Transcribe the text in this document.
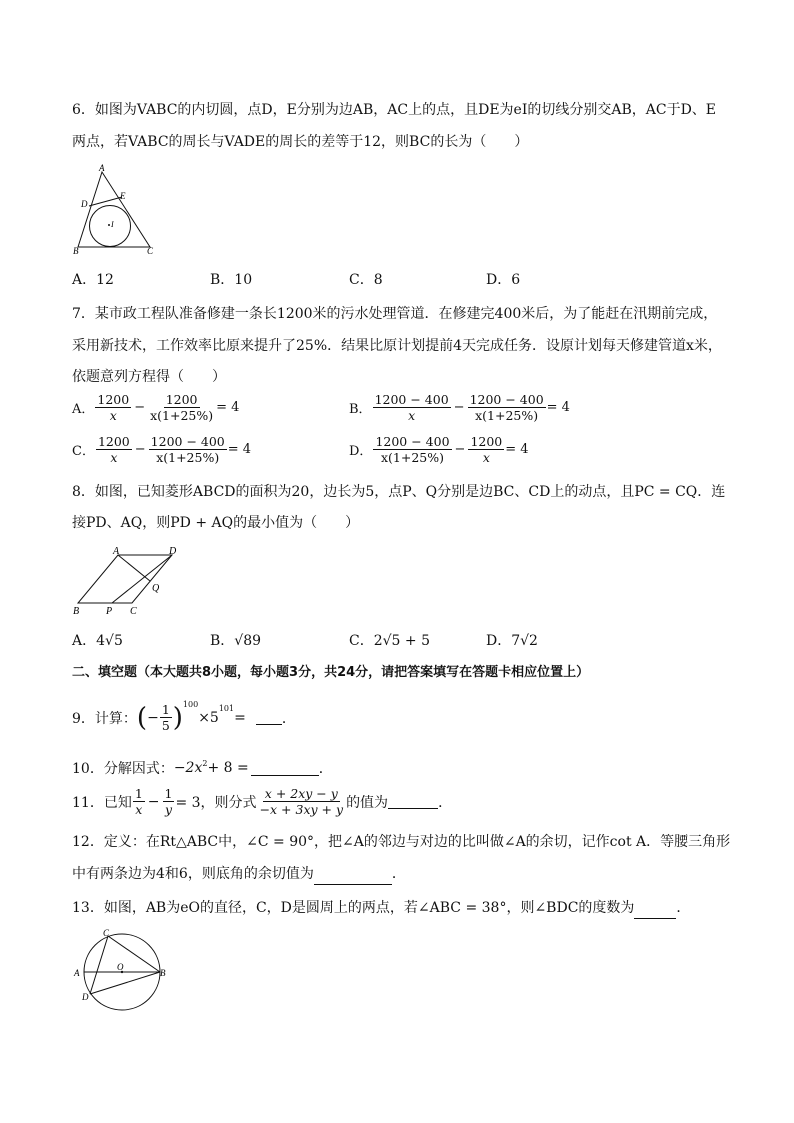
6．如图为VABC的内切圆，点D，E分别为边AB，AC上的点，且DE为eI的切线分别交AB，AC于D、E
两点，若VABC的周长与VADE的周长的差等于12，则BC的长为（　　）
A
B	C
D
E
I
A．12	B．10	C．8	D．6
7．某市政工程队准备修建一条长1200米的污水处理管道．在修建完400米后，为了能赶在汛期前完成，
采用新技术，工作效率比原来提升了25%．结果比原计划提前4天完成任务．设原计划每天修建管道x米，
依题意列方程得（　　）
A． $\frac{1200}{x} - \frac{1200}{x(1+25\%)} = 4$	B． $\frac{1200 - 400}{x} - \frac{1200 - 400}{x(1+25\%)} = 4$
C． $\frac{1200}{x} - \frac{1200 - 400}{x(1+25\%)} = 4$	D． $\frac{1200 - 400}{x(1+25\%)} - \frac{1200}{x} = 4$
8．如图，已知菱形ABCD的面积为20，边长为5，点P、Q分别是边BC、CD上的动点，且PC = CQ．连
接PD、AQ，则PD + AQ的最小值为（　　）
A	D
B	P C
Q
A．4√5	B．√89	C．2√5 + 5	D．7√2
二、填空题（本大题共8小题，每小题3分，共24分，请把答案填写在答题卡相应位置上）
9．计算： ( − $\frac{1}{5}$ ) 100
×5
101
=	．
10．分解因式： −2x 2 + 8 =	．
11．已知 $\frac{1}{x} - \frac{1}{y} = 3$，则分式 $\frac{x + 2xy - y}{-x + 3xy + y}$ 的值为	．
12．定义：在Rt△ABC中，∠C = 90°，把∠A的邻边与对边的比叫做∠A的余切，记作cot A．等腰三角形
中有两条边为4和6，则底角的余切值为	．
13．如图，AB为eO的直径，C，D是圆周上的两点，若∠ABC = 38°，则∠BDC的度数为	．
C
A	B
O
D
